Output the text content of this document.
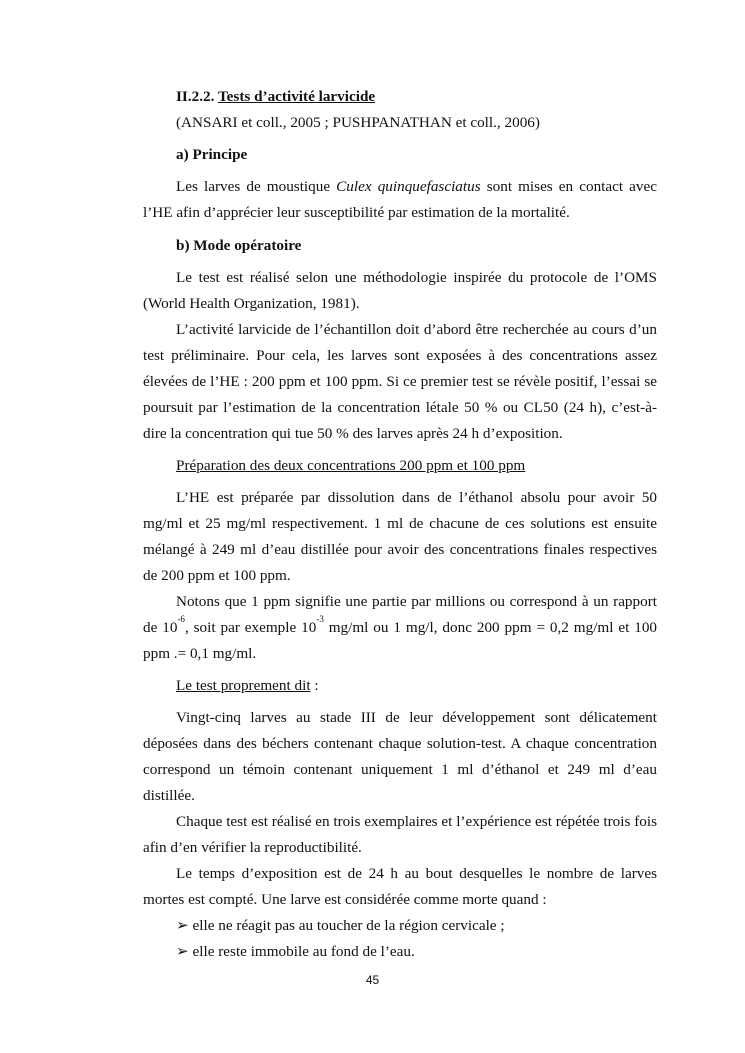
II.2.2. Tests d’activité larvicide

(ANSARI et coll., 2005 ; PUSHPANATHAN et coll., 2006)

a) Principe

Les larves de moustique Culex quinquefasciatus sont mises en contact avec l’HE afin d’apprécier leur susceptibilité par estimation de la mortalité.

b) Mode opératoire

Le test est réalisé selon une méthodologie inspirée du protocole de l’OMS (World Health Organization, 1981).

L’activité larvicide de l’échantillon doit d’abord être recherchée au cours d’un test préliminaire. Pour cela, les larves sont exposées à des concentrations assez élevées de l’HE : 200 ppm et 100 ppm. Si ce premier test se révèle positif, l’essai se poursuit par l’estimation de la concentration létale 50 % ou CL50 (24 h), c’est-à-dire la concentration qui tue 50 % des larves après 24 h d’exposition.

Préparation des deux concentrations 200 ppm et 100 ppm

L’HE est préparée par dissolution dans de l’éthanol absolu pour avoir 50 mg/ml et 25 mg/ml respectivement. 1 ml de chacune de ces solutions est ensuite mélangé à 249 ml d’eau distillée pour avoir des concentrations finales respectives de 200 ppm et 100 ppm.

Notons que 1 ppm signifie une partie par millions ou correspond à un rapport de $10^{-6}$, soit par exemple $10^{-3}$ mg/ml ou 1 mg/l, donc 200 ppm = 0,2 mg/ml et 100 ppm .= 0,1 mg/ml.

Le test proprement dit :

Vingt-cinq larves au stade III de leur développement sont délicatement déposées dans des béchers contenant chaque solution-test. A chaque concentration correspond un témoin contenant uniquement 1 ml d’éthanol et 249 ml d’eau distillée.

Chaque test est réalisé en trois exemplaires et l’expérience est répétée trois fois afin d’en vérifier la reproductibilité.

Le temps d’exposition est de 24 h au bout desquelles le nombre de larves mortes est compté. Une larve est considérée comme morte quand :

➢ elle ne réagit pas au toucher de la région cervicale ;

➢ elle reste immobile au fond de l’eau.

45
